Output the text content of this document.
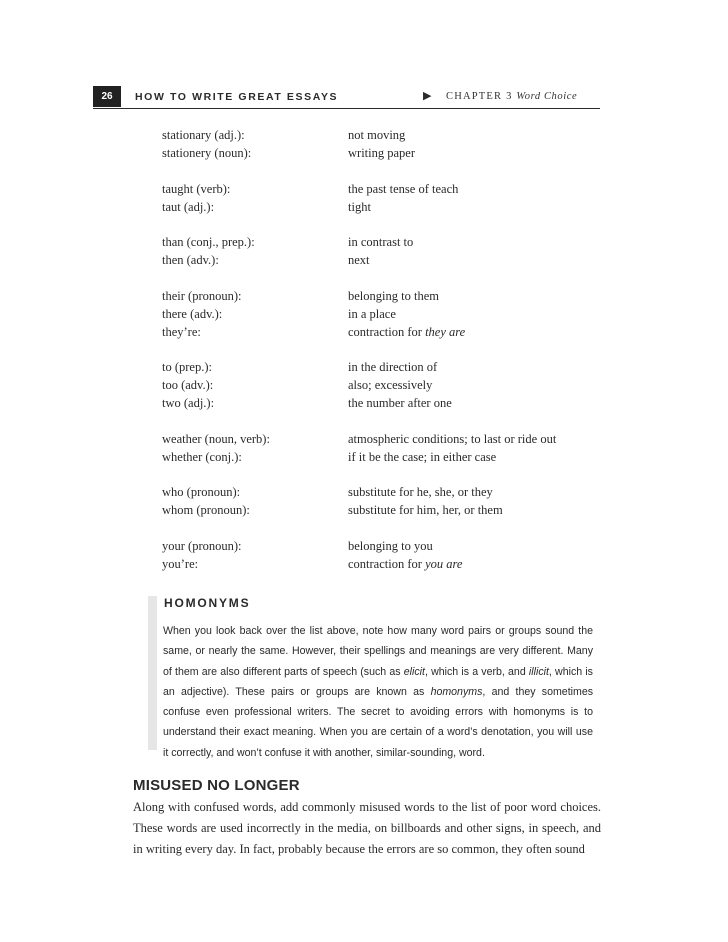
26	HOW TO WRITE GREAT ESSAYS	▶ CHAPTER 3 Word Choice
stationary (adj.):	not moving
stationery (noun):	writing paper
taught (verb):	the past tense of teach
taut (adj.):	tight
than (conj., prep.):	in contrast to
then (adv.):	next
their (pronoun):	belonging to them
there (adv.):	in a place
they’re:	contraction for they are
to (prep.):	in the direction of
too (adv.):	also; excessively
two (adj.):	the number after one
weather (noun, verb):	atmospheric conditions; to last or ride out
whether (conj.):	if it be the case; in either case
who (pronoun):	substitute for he, she, or they
whom (pronoun):	substitute for him, her, or them
your (pronoun):	belonging to you
you’re:	contraction for you are
HOMONYMS

When you look back over the list above, note how many word pairs or groups sound the same, or nearly the same. However, their spellings and meanings are very different. Many of them are also different parts of speech (such as elicit, which is a verb, and illicit, which is an adjective). These pairs or groups are known as homonyms, and they sometimes confuse even professional writers. The secret to avoiding errors with homonyms is to understand their exact meaning. When you are certain of a word’s denotation, you will use it correctly, and won’t confuse it with another, similar-sounding, word.

MISUSED NO LONGER

Along with confused words, add commonly misused words to the list of poor word choices. These words are used incorrectly in the media, on billboards and other signs, in speech, and in writing every day. In fact, probably because the errors are so common, they often sound
